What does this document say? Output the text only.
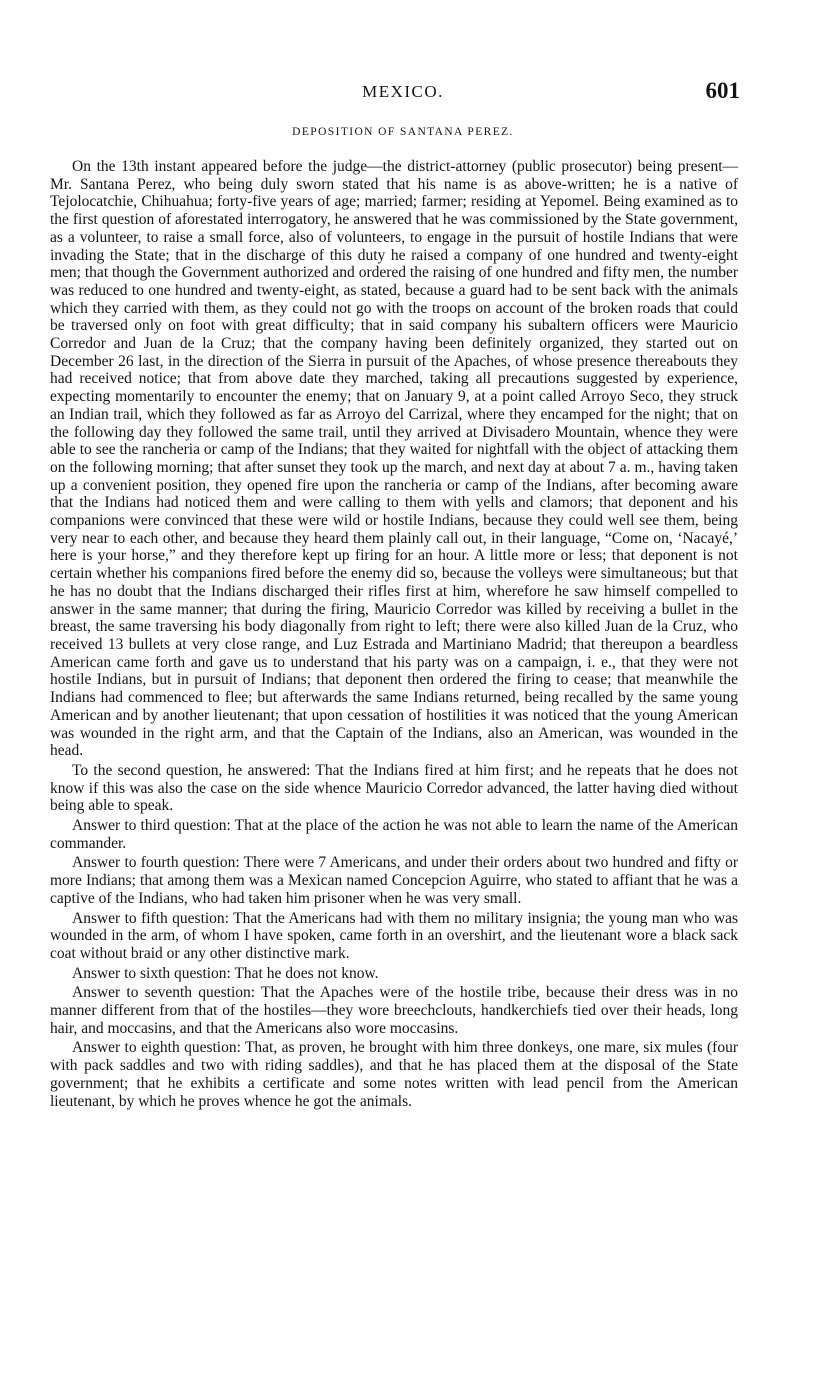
MEXICO.	601
DEPOSITION OF SANTANA PEREZ.

On the 13th instant appeared before the judge—the district-attorney (public prosecutor) being present—Mr. Santana Perez, who being duly sworn stated that his name is as above-written; he is a native of Tejolocatchie, Chihuahua; forty-five years of age; married; farmer; residing at Yepomel. Being examined as to the first question of aforestated interrogatory, he answered that he was commissioned by the State government, as a volunteer, to raise a small force, also of volunteers, to engage in the pursuit of hostile Indians that were invading the State; that in the discharge of this duty he raised a company of one hundred and twenty-eight men; that though the Government authorized and ordered the raising of one hundred and fifty men, the number was reduced to one hundred and twenty-eight, as stated, because a guard had to be sent back with the animals which they carried with them, as they could not go with the troops on account of the broken roads that could be traversed only on foot with great difficulty; that in said company his subaltern officers were Mauricio Corredor and Juan de la Cruz; that the company having been definitely organized, they started out on December 26 last, in the direction of the Sierra in pursuit of the Apaches, of whose presence thereabouts they had received notice; that from above date they marched, taking all precautions suggested by experience, expecting momentarily to encounter the enemy; that on January 9, at a point called Arroyo Seco, they struck an Indian trail, which they followed as far as Arroyo del Carrizal, where they encamped for the night; that on the following day they followed the same trail, until they arrived at Divisadero Mountain, whence they were able to see the rancheria or camp of the Indians; that they waited for nightfall with the object of attacking them on the following morning; that after sunset they took up the march, and next day at about 7 a. m., having taken up a convenient position, they opened fire upon the rancheria or camp of the Indians, after becoming aware that the Indians had noticed them and were calling to them with yells and clamors; that deponent and his companions were convinced that these were wild or hostile Indians, because they could well see them, being very near to each other, and because they heard them plainly call out, in their language, “Come on, ‘Nacayé,’ here is your horse,” and they therefore kept up firing for an hour. A little more or less; that deponent is not certain whether his companions fired before the enemy did so, because the volleys were simultaneous; but that he has no doubt that the Indians discharged their rifles first at him, wherefore he saw himself compelled to answer in the same manner; that during the firing, Mauricio Corredor was killed by receiving a bullet in the breast, the same traversing his body diagonally from right to left; there were also killed Juan de la Cruz, who received 13 bullets at very close range, and Luz Estrada and Martiniano Madrid; that thereupon a beardless American came forth and gave us to understand that his party was on a campaign, i. e., that they were not hostile Indians, but in pursuit of Indians; that deponent then ordered the firing to cease; that meanwhile the Indians had commenced to flee; but afterwards the same Indians returned, being recalled by the same young American and by another lieutenant; that upon cessation of hostilities it was noticed that the young American was wounded in the right arm, and that the Captain of the Indians, also an American, was wounded in the head.

To the second question, he answered: That the Indians fired at him first; and he repeats that he does not know if this was also the case on the side whence Mauricio Corredor advanced, the latter having died without being able to speak.

Answer to third question: That at the place of the action he was not able to learn the name of the American commander.

Answer to fourth question: There were 7 Americans, and under their orders about two hundred and fifty or more Indians; that among them was a Mexican named Concepcion Aguirre, who stated to affiant that he was a captive of the Indians, who had taken him prisoner when he was very small.

Answer to fifth question: That the Americans had with them no military insignia; the young man who was wounded in the arm, of whom I have spoken, came forth in an overshirt, and the lieutenant wore a black sack coat without braid or any other distinctive mark.

Answer to sixth question: That he does not know.

Answer to seventh question: That the Apaches were of the hostile tribe, because their dress was in no manner different from that of the hostiles—they wore breechclouts, handkerchiefs tied over their heads, long hair, and moccasins, and that the Americans also wore moccasins.

Answer to eighth question: That, as proven, he brought with him three donkeys, one mare, six mules (four with pack saddles and two with riding saddles), and that he has placed them at the disposal of the State government; that he exhibits a certificate and some notes written with lead pencil from the American lieutenant, by which he proves whence he got the animals.
